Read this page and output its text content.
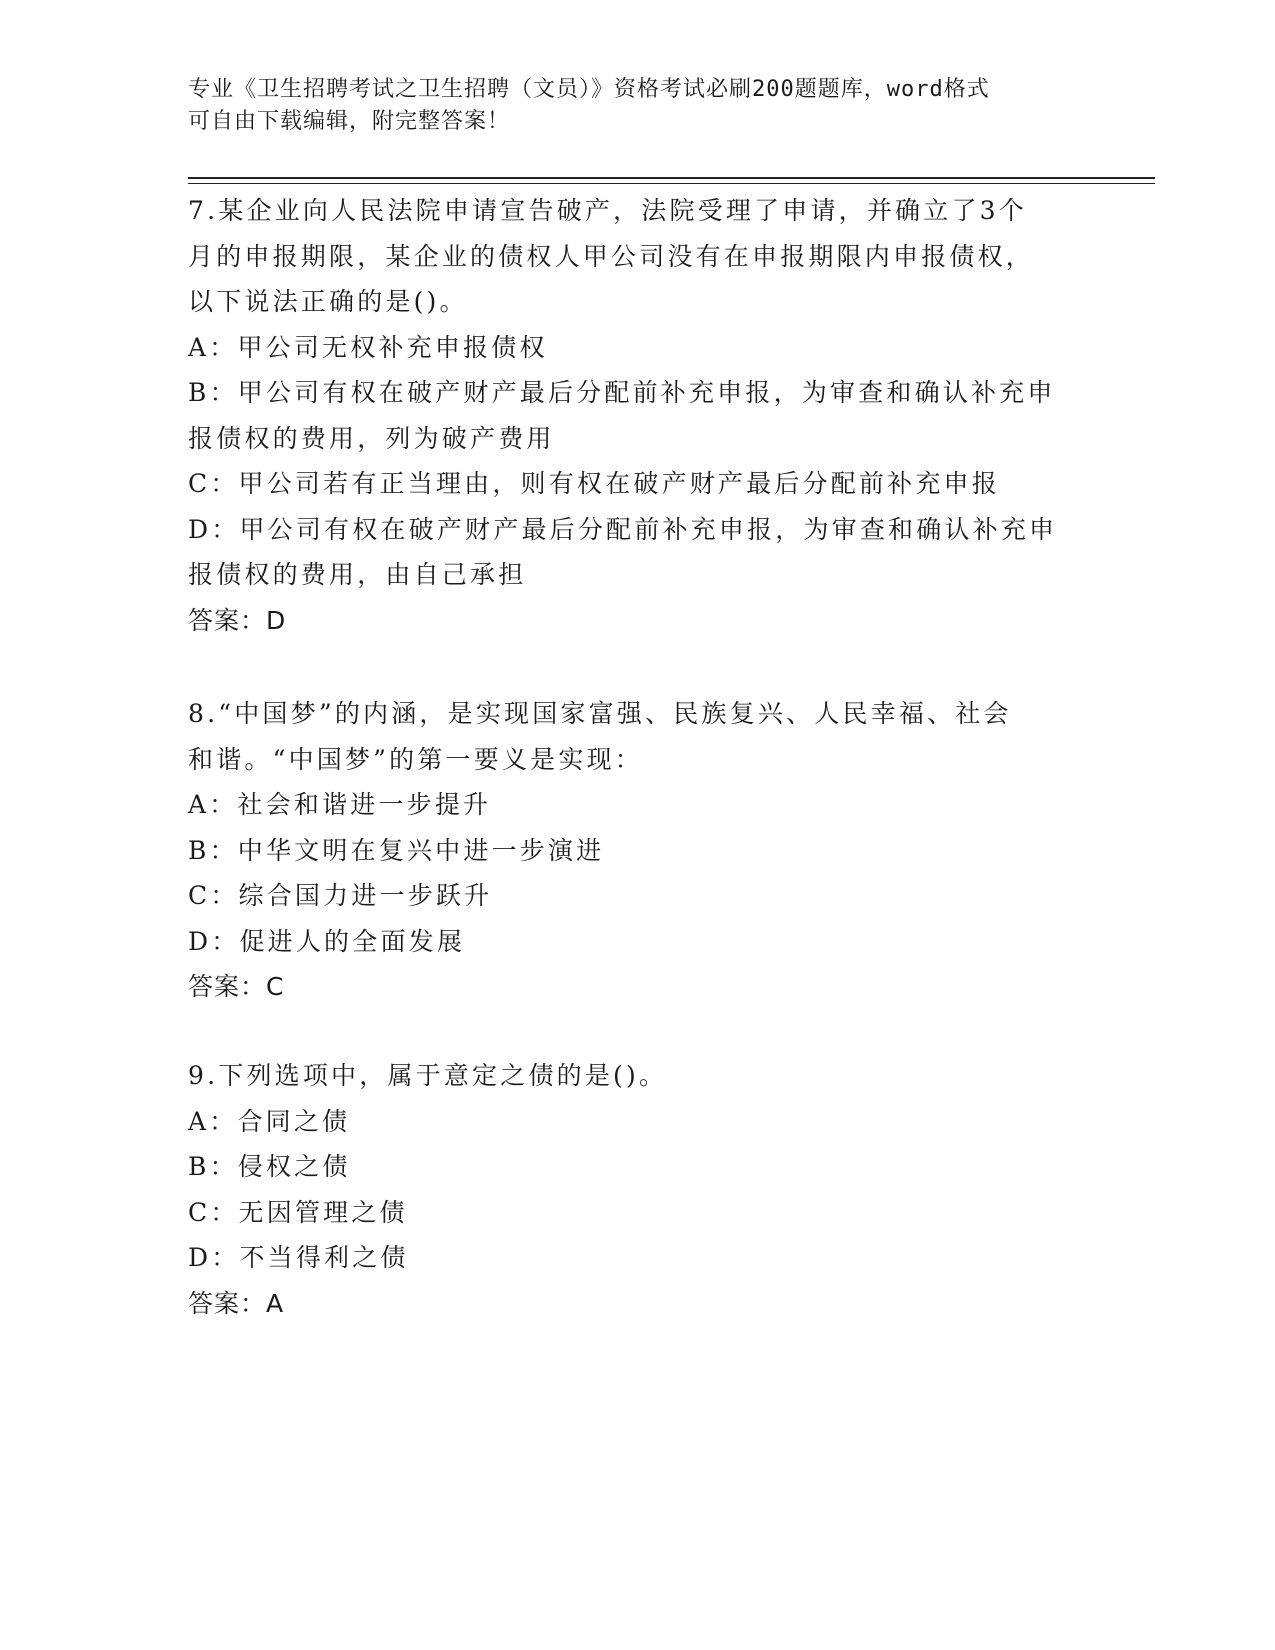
专业《卫生招聘考试之卫生招聘（文员）》资格考试必刷200题题库，word格式
可自由下载编辑，附完整答案！
7.某企业向人民法院申请宣告破产，法院受理了申请，并确立了3个
月的申报期限，某企业的债权人甲公司没有在申报期限内申报债权，
以下说法正确的是()。
A：甲公司无权补充申报债权
B：甲公司有权在破产财产最后分配前补充申报，为审查和确认补充申
报债权的费用，列为破产费用
C：甲公司若有正当理由，则有权在破产财产最后分配前补充申报
D：甲公司有权在破产财产最后分配前补充申报，为审查和确认补充申
报债权的费用，由自己承担
答案：D
8.“中国梦”的内涵，是实现国家富强、民族复兴、人民幸福、社会
和谐。“中国梦”的第一要义是实现：
A：社会和谐进一步提升
B：中华文明在复兴中进一步演进
C：综合国力进一步跃升
D：促进人的全面发展
答案：C
9.下列选项中，属于意定之债的是()。
A：合同之债
B：侵权之债
C：无因管理之债
D：不当得利之债
答案：A
